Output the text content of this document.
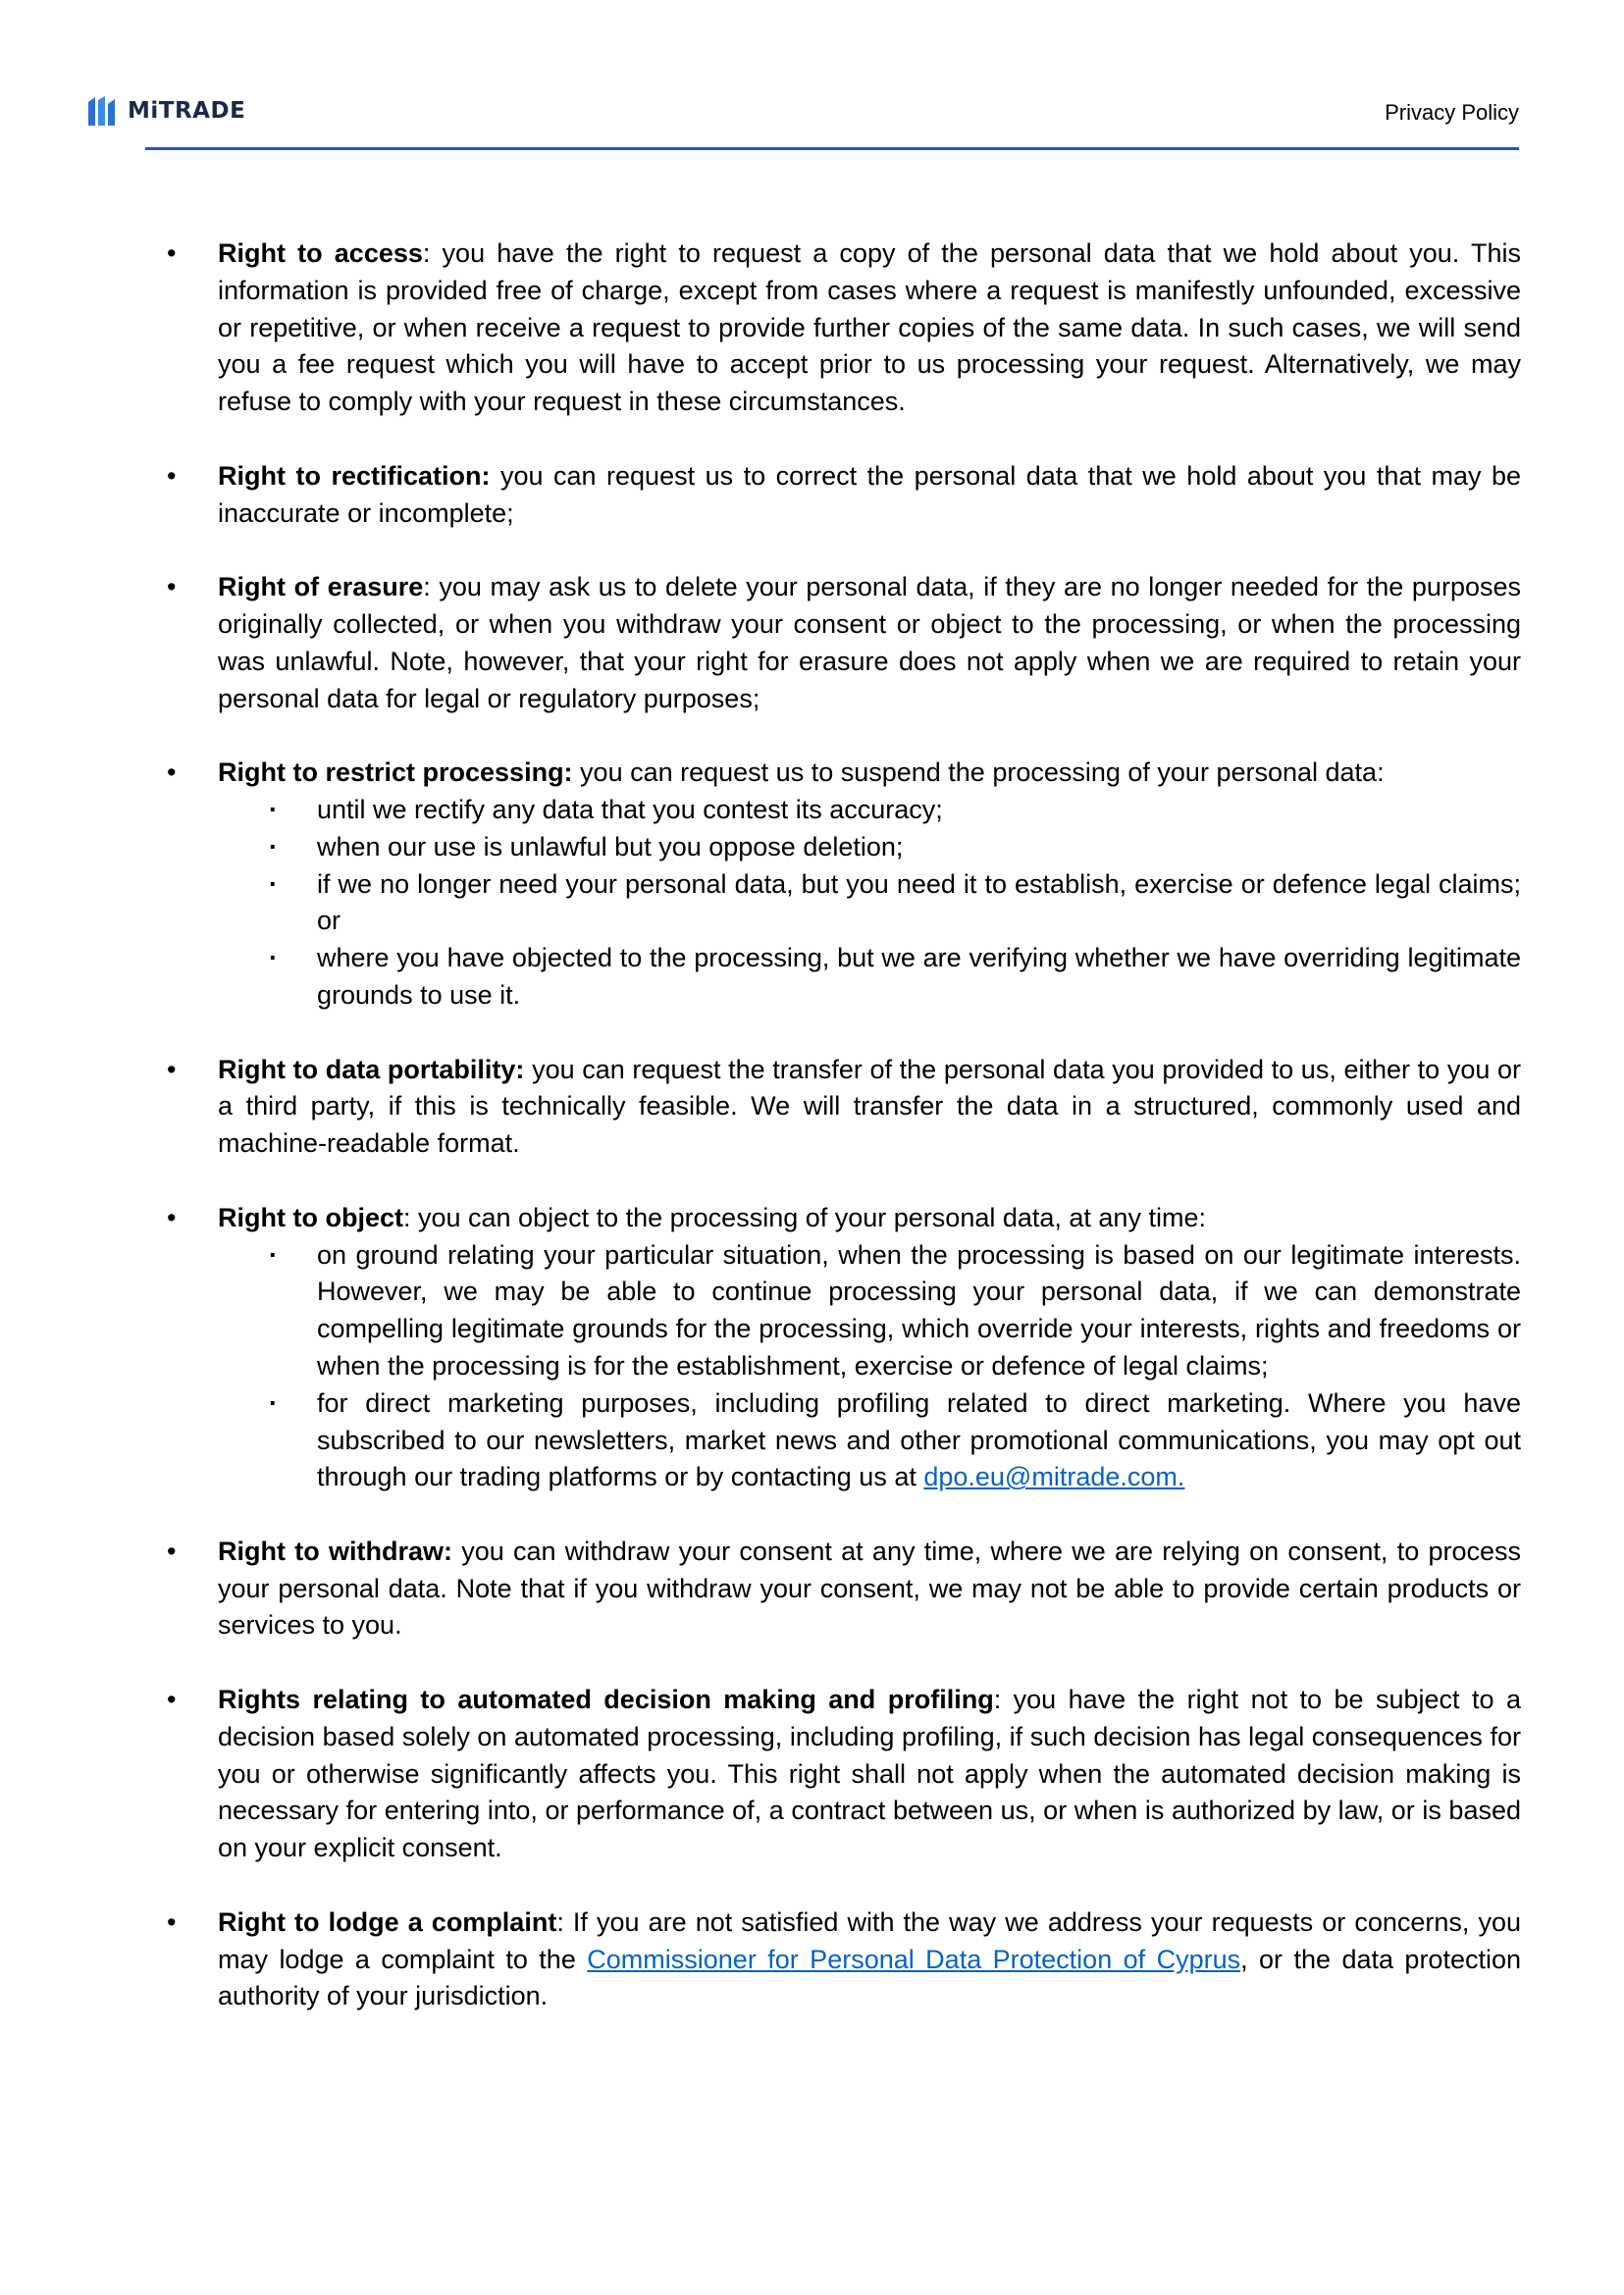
MiTRADE	Privacy Policy

• Right to access: you have the right to request a copy of the personal data that we hold about you. This information is provided free of charge, except from cases where a request is manifestly unfounded, excessive or repetitive, or when receive a request to provide further copies of the same data. In such cases, we will send you a fee request which you will have to accept prior to us processing your request. Alternatively, we may refuse to comply with your request in these circumstances.

• Right to rectification: you can request us to correct the personal data that we hold about you that may be inaccurate or incomplete;

• Right of erasure: you may ask us to delete your personal data, if they are no longer needed for the purposes originally collected, or when you withdraw your consent or object to the processing, or when the processing was unlawful. Note, however, that your right for erasure does not apply when we are required to retain your personal data for legal or regulatory purposes;

• Right to restrict processing: you can request us to suspend the processing of your personal data:

· until we rectify any data that you contest its accuracy;
· when our use is unlawful but you oppose deletion;
· if we no longer need your personal data, but you need it to establish, exercise or defence legal claims; or
· where you have objected to the processing, but we are verifying whether we have overriding legitimate grounds to use it.

• Right to data portability: you can request the transfer of the personal data you provided to us, either to you or a third party, if this is technically feasible. We will transfer the data in a structured, commonly used and machine-readable format.

• Right to object: you can object to the processing of your personal data, at any time:

· on ground relating your particular situation, when the processing is based on our legitimate interests. However, we may be able to continue processing your personal data, if we can demonstrate compelling legitimate grounds for the processing, which override your interests, rights and freedoms or when the processing is for the establishment, exercise or defence of legal claims;
· for direct marketing purposes, including profiling related to direct marketing. Where you have subscribed to our newsletters, market news and other promotional communications, you may opt out through our trading platforms or by contacting us at dpo.eu@mitrade.com.

• Right to withdraw: you can withdraw your consent at any time, where we are relying on consent, to process your personal data. Note that if you withdraw your consent, we may not be able to provide certain products or services to you.

• Rights relating to automated decision making and profiling: you have the right not to be subject to a decision based solely on automated processing, including profiling, if such decision has legal consequences for you or otherwise significantly affects you. This right shall not apply when the automated decision making is necessary for entering into, or performance of, a contract between us, or when is authorized by law, or is based on your explicit consent.

• Right to lodge a complaint: If you are not satisfied with the way we address your requests or concerns, you may lodge a complaint to the Commissioner for Personal Data Protection of Cyprus, or the data protection authority of your jurisdiction.
